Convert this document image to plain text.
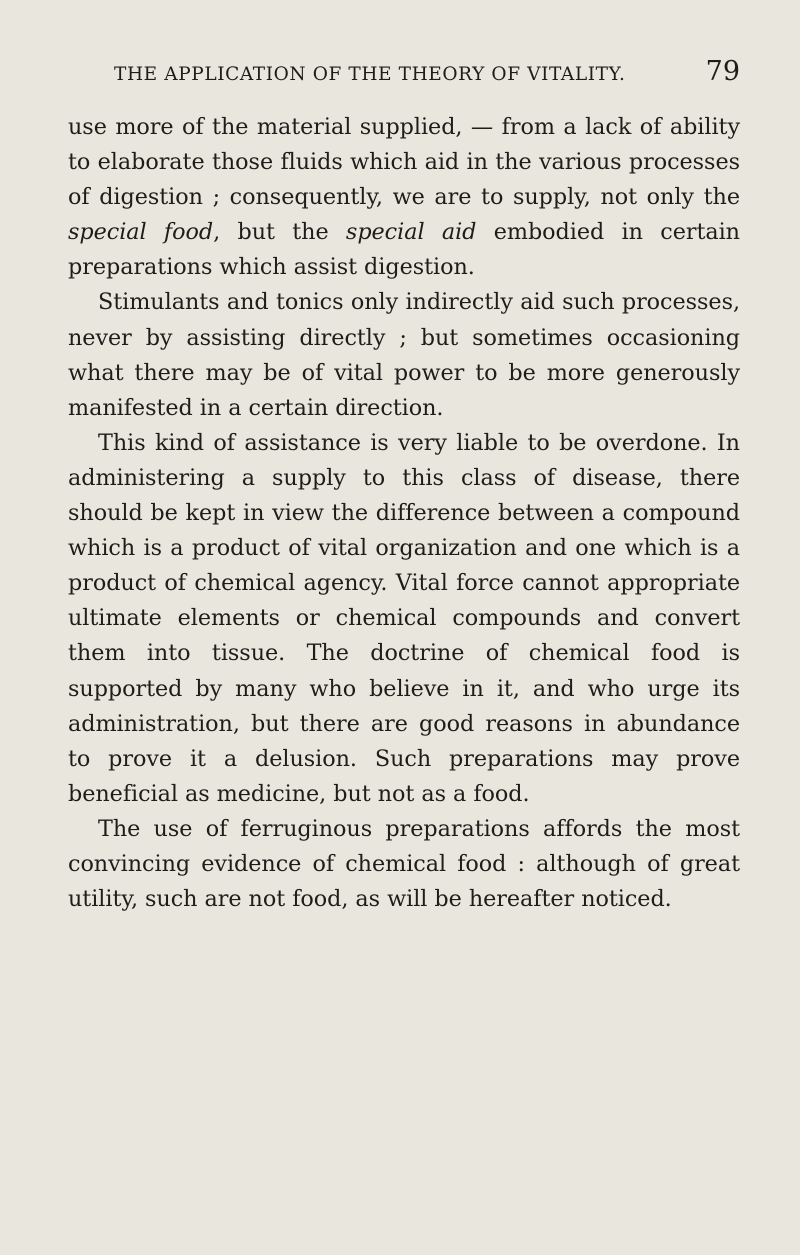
THE APPLICATION OF THE THEORY OF VITALITY.	79

use more of the material supplied, — from a lack of ability to elaborate those fluids which aid in the various processes of digestion ; consequently, we are to supply, not only the special food, but the special aid embodied in certain preparations which assist digestion.

Stimulants and tonics only indirectly aid such processes, never by assisting directly ; but sometimes occasioning what there may be of vital power to be more generously manifested in a certain direction.

This kind of assistance is very liable to be overdone. In administering a supply to this class of disease, there should be kept in view the difference between a compound which is a product of vital organization and one which is a product of chemical agency. Vital force cannot appropriate ultimate elements or chemical compounds and convert them into tissue. The doctrine of chemical food is supported by many who believe in it, and who urge its administration, but there are good reasons in abundance to prove it a delusion. Such preparations may prove beneficial as medicine, but not as a food.

The use of ferruginous preparations affords the most convincing evidence of chemical food : although of great utility, such are not food, as will be hereafter noticed.
